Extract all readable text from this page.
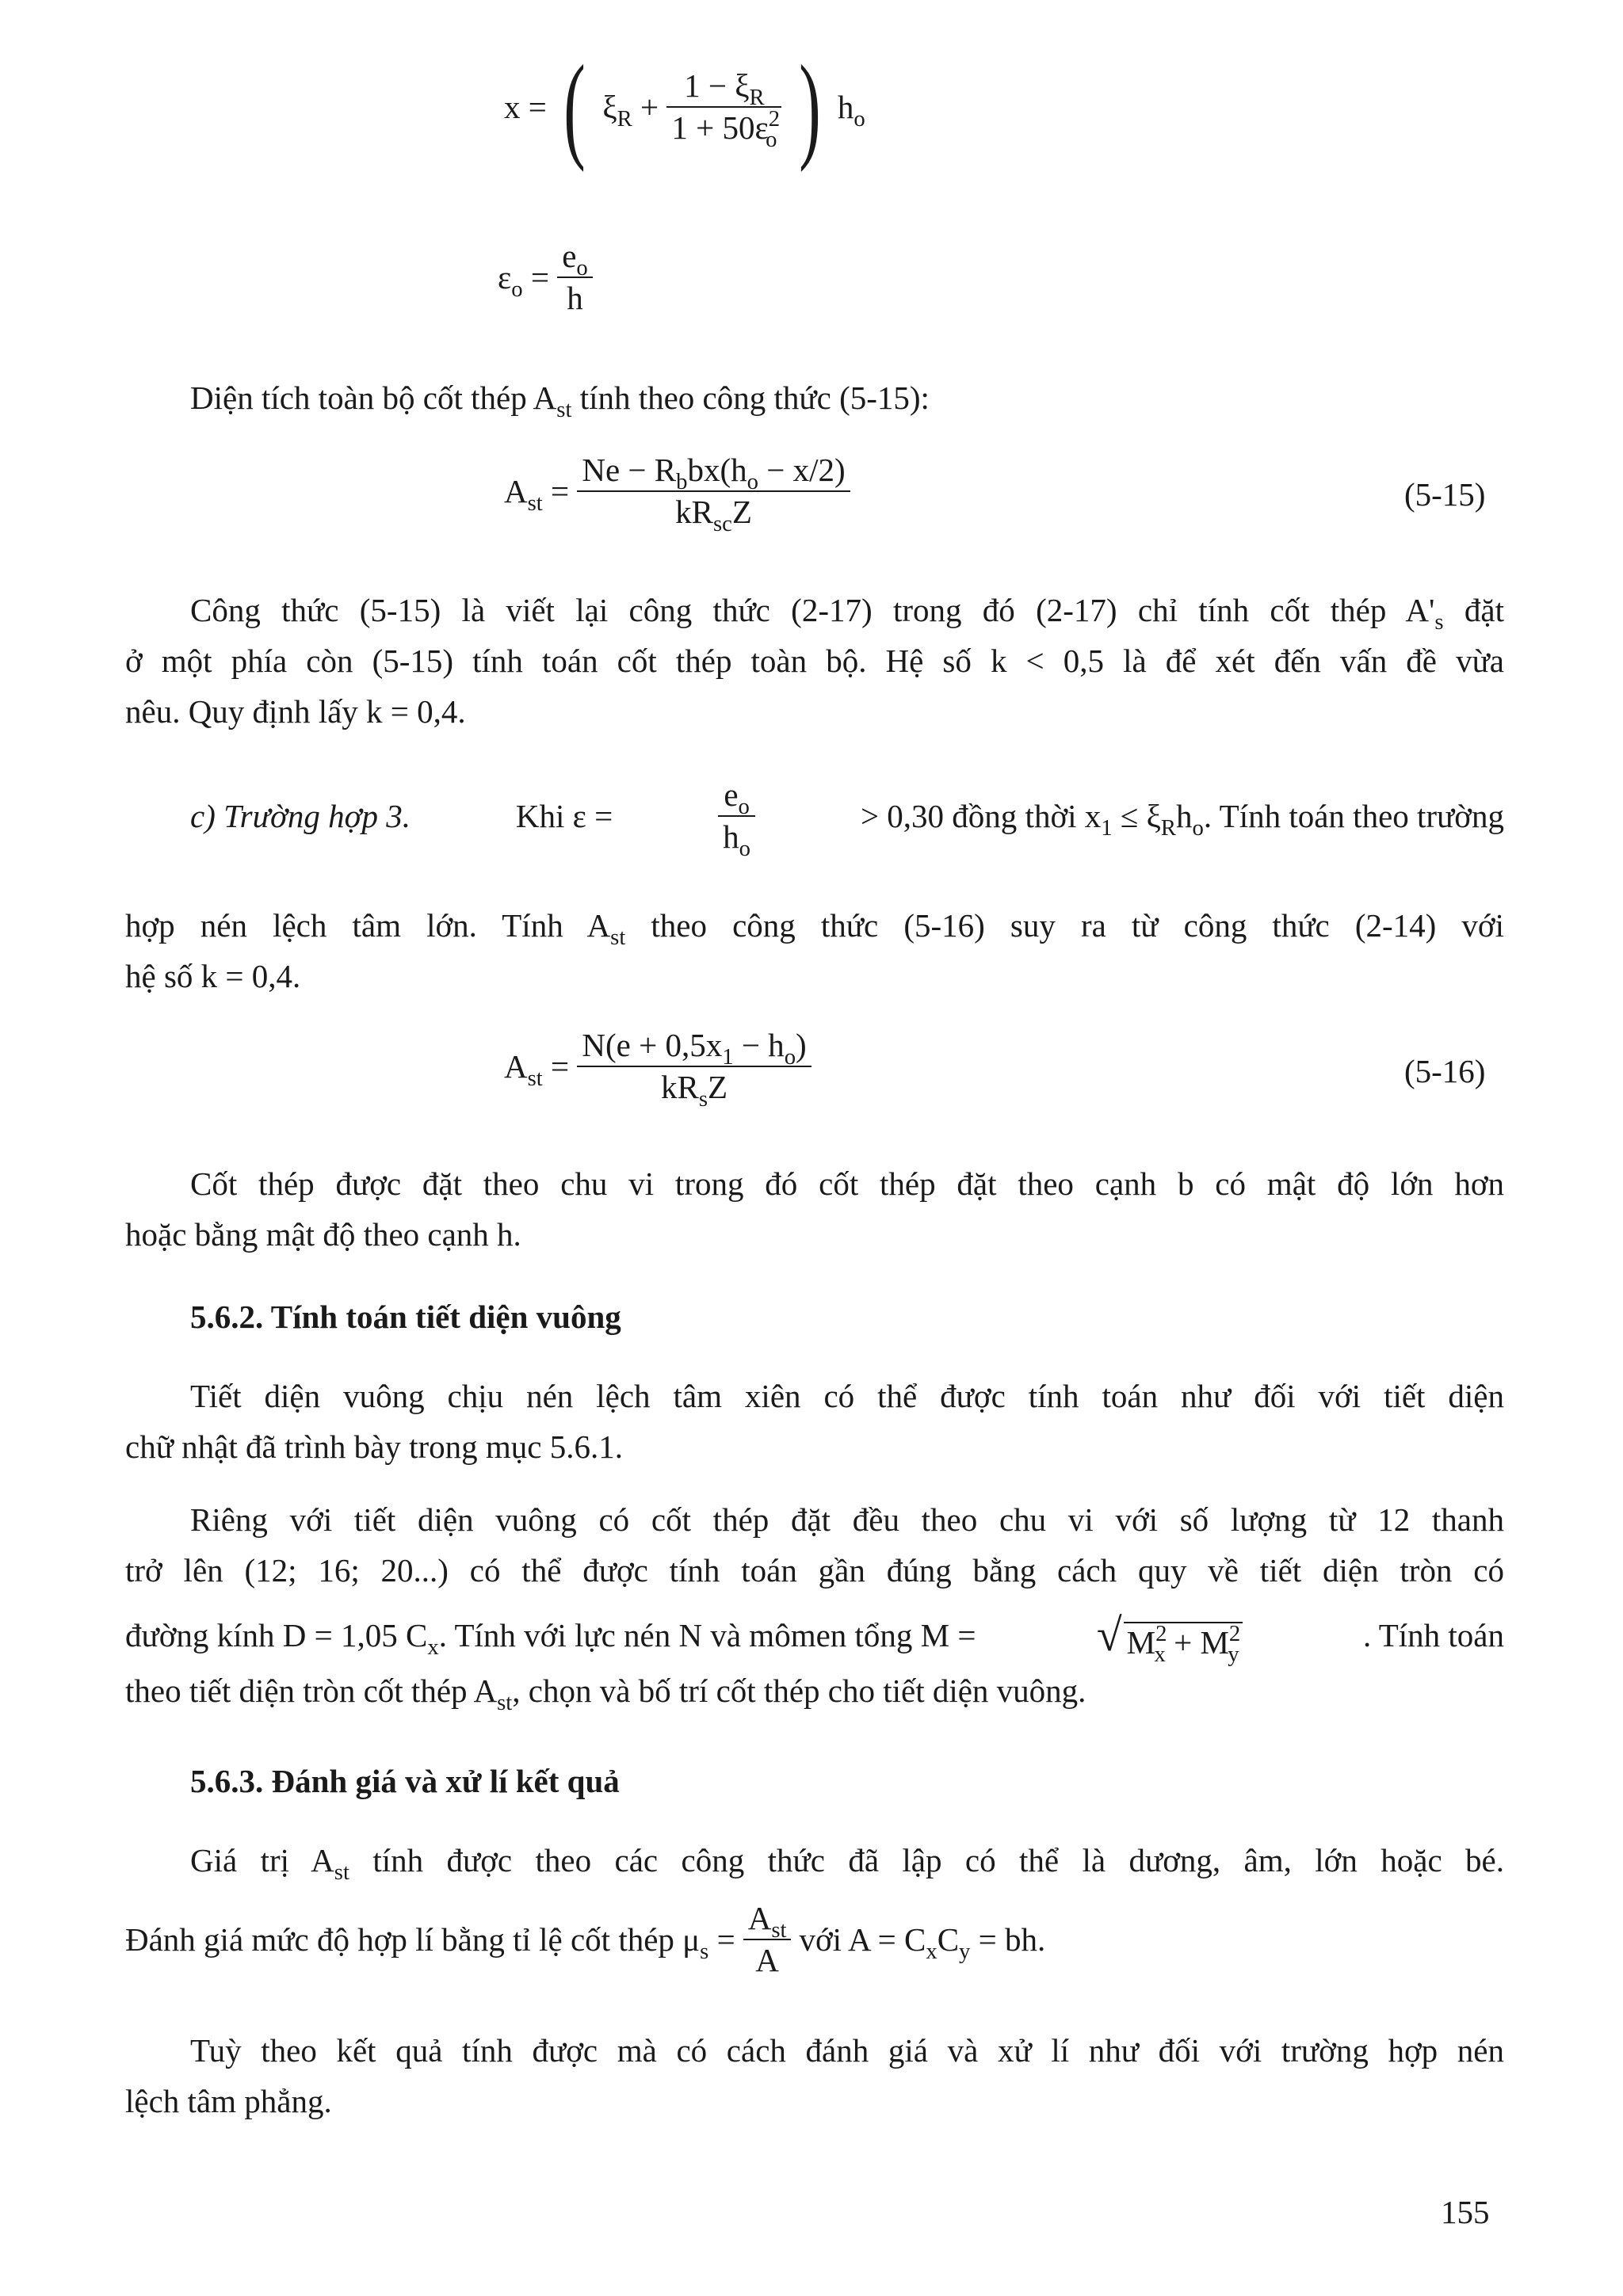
x = ( $\xi_R + \frac{1 - \xi_R}{1 + 50\varepsilon^2_o}$ ) $h_o$
$\varepsilon_o = \frac{e_o}{h}$
Diện tích toàn bộ cốt thép $A_{st}$ tính theo công thức (5-15):
$A_{st} = \frac{Ne - R_bbx(h_o - x/2)}{kR_{sc}Z}$	(5-15)
Công thức (5-15) là viết lại công thức (2-17) trong đó (2-17) chỉ tính cốt thép $A'_s$ đặt
ở một phía còn (5-15) tính toán cốt thép toàn bộ. Hệ số k < 0,5 là để xét đến vấn đề vừa
nêu. Quy định lấy k = 0,4.
c) Trường hợp 3.	Khi ε =	$\frac{e_o}{h_o}$	> 0,30 đồng thời $x_1 \le \xi_Rh_o$. Tính toán theo trường
hợp nén lệch tâm lớn. Tính $A_{st}$ theo công thức (5-16) suy ra từ công thức (2-14) với
hệ số k = 0,4.
$A_{st} = \frac{N(e + 0,5x_1 - h_o)}{kR_sZ}$	(5-16)
Cốt thép được đặt theo chu vi trong đó cốt thép đặt theo cạnh b có mật độ lớn hơn
hoặc bằng mật độ theo cạnh h.
5.6.2. Tính toán tiết diện vuông
Tiết diện vuông chịu nén lệch tâm xiên có thể được tính toán như đối với tiết diện
chữ nhật đã trình bày trong mục 5.6.1.
Riêng với tiết diện vuông có cốt thép đặt đều theo chu vi với số lượng từ 12 thanh
trở lên (12; 16; 20...) có thể được tính toán gần đúng bằng cách quy về tiết diện tròn có
đường kính D = 1,05 $C_x$. Tính với lực nén N và mômen tổng M =	√ $M^2_x + M^2_y$
. Tính toán
theo tiết diện tròn cốt thép $A_{st}$, chọn và bố trí cốt thép cho tiết diện vuông.
5.6.3. Đánh giá và xử lí kết quả
Giá trị $A_{st}$ tính được theo các công thức đã lập có thể là dương, âm, lớn hoặc bé.
Đánh giá mức độ hợp lí bằng tỉ lệ cốt thép $\mu_s = \frac{A_{st}}{A}$ với $A = C_xC_y$ = bh.
Tuỳ theo kết quả tính được mà có cách đánh giá và xử lí như đối với trường hợp nén
lệch tâm phẳng.
155
